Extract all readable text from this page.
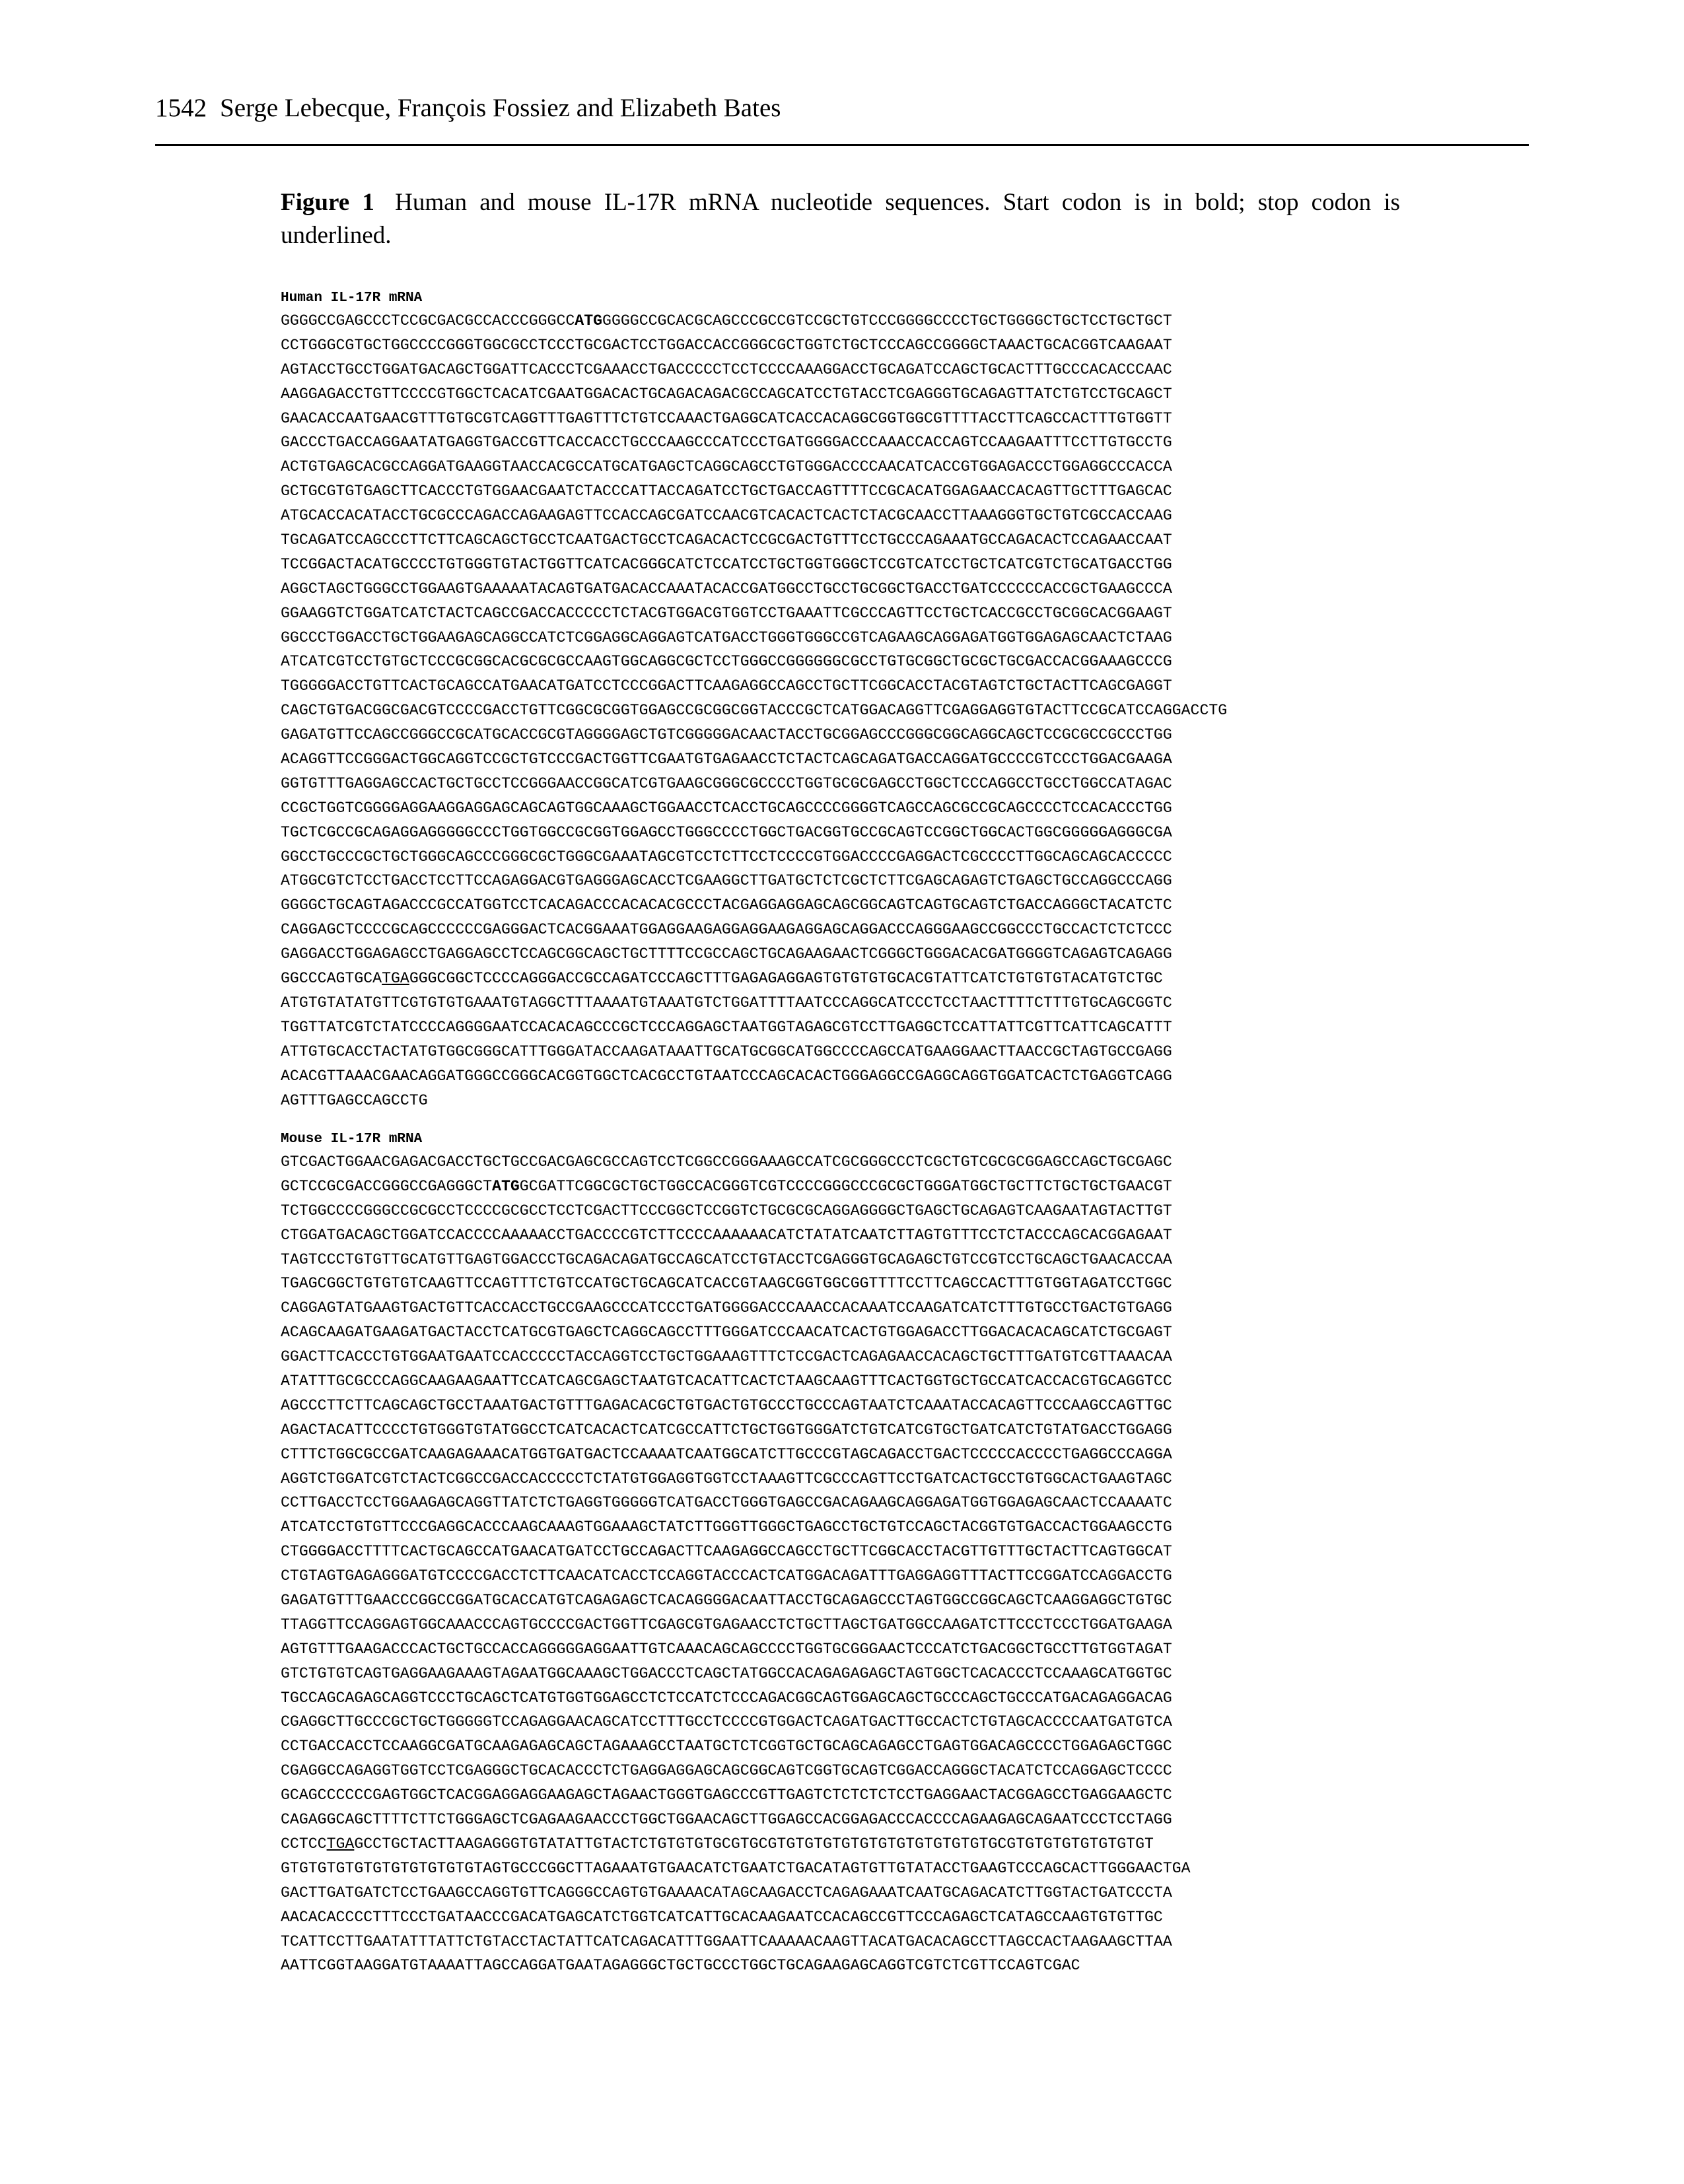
1542 Serge Lebecque, François Fossiez and Elizabeth Bates
Figure 1 Human and mouse IL-17R mRNA nucleotide sequences. Start codon is in bold; stop codon is underlined.
Human IL-17R mRNA
GGGGCCGAGCCCTCCGCGACGCCACCCGGGCCATGGGGGCCGCACGCAGCCCGCCGTCCGCTGTCCCGGGGCCCCTGCTGGGGCTGCTCCTGCTGCT
CCTGGGCGTGCTGGCCCCGGGTGGCGCCTCCCTGCGACTCCTGGACCACCGGGCGCTGGTCTGCTCCCAGCCGGGGCTAAACTGCACGGTCAAGAAT
AGTACCTGCCTGGATGACAGCTGGATTCACCCTCGAAACCTGACCCCCTCCTCCCCAAAGGACCTGCAGATCCAGCTGCACTTTGCCCACACCCAAC
AAGGAGACCTGTTCCCCGTGGCTCACATCGAATGGACACTGCAGACAGACGCCAGCATCCTGTACCTCGAGGGTGCAGAGTTATCTGTCCTGCAGCT
GAACACCAATGAACGTTTGTGCGTCAGGTTTGAGTTTCTGTCCAAACTGAGGCATCACCACAGGCGGTGGCGTTTTACCTTCAGCCACTTTGTGGTT
GACCCTGACCAGGAATATGAGGTGACCGTTCACCACCTGCCCAAGCCCATCCCTGATGGGGACCCAAACCACCAGTCCAAGAATTTCCTTGTGCCTG
ACTGTGAGCACGCCAGGATGAAGGTAACCACGCCATGCATGAGCTCAGGCAGCCTGTGGGACCCCAACATCACCGTGGAGACCCTGGAGGCCCACCA
GCTGCGTGTGAGCTTCACCCTGTGGAACGAATCTACCCATTACCAGATCCTGCTGACCAGTTTTCCGCACATGGAGAACCACAGTTGCTTTGAGCAC
ATGCACCACATACCTGCGCCCAGACCAGAAGAGTTCCACCAGCGATCCAACGTCACACTCACTCTACGCAACCTTAAAGGGTGCTGTCGCCACCAAG
TGCAGATCCAGCCCTTCTTCAGCAGCTGCCTCAATGACTGCCTCAGACACTCCGCGACTGTTTCCTGCCCAGAAATGCCAGACACTCCAGAACCAAT
TCCGGACTACATGCCCCTGTGGGTGTACTGGTTCATCACGGGCATCTCCATCCTGCTGGTGGGCTCCGTCATCCTGCTCATCGTCTGCATGACCTGG
AGGCTAGCTGGGCCTGGAAGTGAAAAATACAGTGATGACACCAAATACACCGATGGCCTGCCTGCGGCTGACCTGATCCCCCCACCGCTGAAGCCCA
GGAAGGTCTGGATCATCTACTCAGCCGACCACCCCCTCTACGTGGACGTGGTCCTGAAATTCGCCCAGTTCCTGCTCACCGCCTGCGGCACGGAAGT
GGCCCTGGACCTGCTGGAAGAGCAGGCCATCTCGGAGGCAGGAGTCATGACCTGGGTGGGCCGTCAGAAGCAGGAGATGGTGGAGAGCAACTCTAAG
ATCATCGTCCTGTGCTCCCGCGGCACGCGCGCCAAGTGGCAGGCGCTCCTGGGCCGGGGGGCGCCTGTGCGGCTGCGCTGCGACCACGGAAAGCCCG
TGGGGGACCTGTTCACTGCAGCCATGAACATGATCCTCCCGGACTTCAAGAGGCCAGCCTGCTTCGGCACCTACGTAGTCTGCTACTTCAGCGAGGT
CAGCTGTGACGGCGACGTCCCCGACCTGTTCGGCGCGGTGGAGCCGCGGCGGTACCCGCTCATGGACAGGTTCGAGGAGGTGTACTTCCGCATCCAGGACCTG
GAGATGTTCCAGCCGGGCCGCATGCACCGCGTAGGGGAGCTGTCGGGGGACAACTACCTGCGGAGCCCGGGCGGCAGGCAGCTCCGCGCCGCCCTGG
ACAGGTTCCGGGACTGGCAGGTCCGCTGTCCCGACTGGTTCGAATGTGAGAACCTCTACTCAGCAGATGACCAGGATGCCCCGTCCCTGGACGAAGA
GGTGTTTGAGGAGCCACTGCTGCCTCCGGGAACCGGCATCGTGAAGCGGGCGCCCCTGGTGCGCGAGCCTGGCTCCCAGGCCTGCCTGGCCATAGAC
CCGCTGGTCGGGGAGGAAGGAGGAGCAGCAGTGGCAAAGCTGGAACCTCACCTGCAGCCCCGGGGTCAGCCAGCGCCGCAGCCCCTCCACACCCTGG
TGCTCGCCGCAGAGGAGGGGGCCCTGGTGGCCGCGGTGGAGCCTGGGCCCCTGGCTGACGGTGCCGCAGTCCGGCTGGCACTGGCGGGGGAGGGCGA
GGCCTGCCCGCTGCTGGGCAGCCCGGGCGCTGGGCGAAATAGCGTCCTCTTCCTCCCCGTGGACCCCGAGGACTCGCCCCTTGGCAGCAGCACCCCC
ATGGCGTCTCCTGACCTCCTTCCAGAGGACGTGAGGGAGCACCTCGAAGGCTTGATGCTCTCGCTCTTCGAGCAGAGTCTGAGCTGCCAGGCCCAGG
GGGGCTGCAGTAGACCCGCCATGGTCCTCACAGACCCACACACGCCCTACGAGGAGGAGCAGCGGCAGTCAGTGCAGTCTGACCAGGGCTACATCTC
CAGGAGCTCCCCGCAGCCCCCCGAGGGACTCACGGAAATGGAGGAAGAGGAGGAAGAGGAGCAGGACCCAGGGAAGCCGGCCCTGCCACTCTCTCCC
GAGGACCTGGAGAGCCTGAGGAGCCTCCAGCGGCAGCTGCTTTTCCGCCAGCTGCAGAAGAACTCGGGCTGGGACACGATGGGGTCAGAGTCAGAGG
GGCCCAGTGCATGAGGGCGGCTCCCCAGGGACCGCCAGATCCCAGCTTTGAGAGAGGAGTGTGTGTGCACGTATTCATCTGTGTGTACATGTCTGC
ATGTGTATATGTTCGTGTGTGAAATGTAGGCTTTAAAATGTAAATGTCTGGATTTTAATCCCAGGCATCCCTCCTAACTTTTCTTTGTGCAGCGGTC
TGGTTATCGTCTATCCCCAGGGGAATCCACACAGCCCGCTCCCAGGAGCTAATGGTAGAGCGTCCTTGAGGCTCCATTATTCGTTCATTCAGCATTT
ATTGTGCACCTACTATGTGGCGGGCATTTGGGATACCAAGATAAATTGCATGCGGCATGGCCCCAGCCATGAAGGAACTTAACCGCTAGTGCCGAGG
ACACGTTAAACGAACAGGATGGGCCGGGCACGGTGGCTCACGCCTGTAATCCCAGCACACTGGGAGGCCGAGGCAGGTGGATCACTCTGAGGTCAGG
AGTTTGAGCCAGCCTG
Mouse IL-17R mRNA
GTCGACTGGAACGAGACGACCTGCTGCCGACGAGCGCCAGTCCTCGGCCGGGAAAGCCATCGCGGGCCCTCGCTGTCGCGCGGAGCCAGCTGCGAGC
GCTCCGCGACCGGGCCGAGGGCTATGGCGATTCGGCGCTGCTGGCCACGGGTCGTCCCCGGGCCCGCGCTGGGATGGCTGCTTCTGCTGCTGAACGT
TCTGGCCCCGGGCCGCGCCTCCCCGCGCCTCCTCGACTTCCCGGCTCCGGTCTGCGCGCAGGAGGGGCTGAGCTGCAGAGTCAAGAATAGTACTTGT
CTGGATGACAGCTGGATCCACCCCAAAAACCTGACCCCGTCTTCCCCAAAAAACATCTATATCAATCTTAGTGTTTCCTCTACCCAGCACGGAGAAT
TAGTCCCTGTGTTGCATGTTGAGTGGACCCTGCAGACAGATGCCAGCATCCTGTACCTCGAGGGTGCAGAGCTGTCCGTCCTGCAGCTGAACACCAA
TGAGCGGCTGTGTGTCAAGTTCCAGTTTCTGTCCATGCTGCAGCATCACCGTAAGCGGTGGCGGTTTTCCTTCAGCCACTTTGTGGTAGATCCTGGC
CAGGAGTATGAAGTGACTGTTCACCACCTGCCGAAGCCCATCCCTGATGGGGACCCAAACCACAAATCCAAGATCATCTTTGTGCCTGACTGTGAGG
ACAGCAAGATGAAGATGACTACCTCATGCGTGAGCTCAGGCAGCCTTTGGGATCCCAACATCACTGTGGAGACCTTGGACACACAGCATCTGCGAGT
GGACTTCACCCTGTGGAATGAATCCACCCCCTACCAGGTCCTGCTGGAAAGTTTCTCCGACTCAGAGAACCACAGCTGCTTTGATGTCGTTAAACAA
ATATTTGCGCCCAGGCAAGAAGAATTCCATCAGCGAGCTAATGTCACATTCACTCTAAGCAAGTTTCACTGGTGCTGCCATCACCACGTGCAGGTCC
AGCCCTTCTTCAGCAGCTGCCTAAATGACTGTTTGAGACACGCTGTGACTGTGCCCTGCCCAGTAATCTCAAATACCACAGTTCCCAAGCCAGTTGC
AGACTACATTCCCCTGTGGGTGTATGGCCTCATCACACTCATCGCCATTCTGCTGGTGGGATCTGTCATCGTGCTGATCATCTGTATGACCTGGAGG
CTTTCTGGCGCCGATCAAGAGAAACATGGTGATGACTCCAAAATCAATGGCATCTTGCCCGTAGCAGACCTGACTCCCCCACCCCTGAGGCCCAGGA
AGGTCTGGATCGTCTACTCGGCCGACCACCCCCTCTATGTGGAGGTGGTCCTAAAGTTCGCCCAGTTCCTGATCACTGCCTGTGGCACTGAAGTAGC
CCTTGACCTCCTGGAAGAGCAGGTTATCTCTGAGGTGGGGGTCATGACCTGGGTGAGCCGACAGAAGCAGGAGATGGTGGAGAGCAACTCCAAAATC
ATCATCCTGTGTTCCCGAGGCACCCAAGCAAAGTGGAAAGCTATCTTGGGTTGGGCTGAGCCTGCTGTCCAGCTACGGTGTGACCACTGGAAGCCTG
CTGGGGACCTTTTCACTGCAGCCATGAACATGATCCTGCCAGACTTCAAGAGGCCAGCCTGCTTCGGCACCTACGTTGTTTGCTACTTCAGTGGCAT
CTGTAGTGAGAGGGATGTCCCCGACCTCTTCAACATCACCTCCAGGTACCCACTCATGGACAGATTTGAGGAGGTTTACTTCCGGATCCAGGACCTG
GAGATGTTTGAACCCGGCCGGATGCACCATGTCAGAGAGCTCACAGGGGACAATTACCTGCAGAGCCCTAGTGGCCGGCAGCTCAAGGAGGCTGTGC
TTAGGTTCCAGGAGTGGCAAACCCAGTGCCCCGACTGGTTCGAGCGTGAGAACCTCTGCTTAGCTGATGGCCAAGATCTTCCCTCCCTGGATGAAGA
AGTGTTTGAAGACCCACTGCTGCCACCAGGGGGAGGAATTGTCAAACAGCAGCCCCTGGTGCGGGAACTCCCATCTGACGGCTGCCTTGTGGTAGAT
GTCTGTGTCAGTGAGGAAGAAAGTAGAATGGCAAAGCTGGACCCTCAGCTATGGCCACAGAGAGAGCTAGTGGCTCACACCCTCCAAAGCATGGTGC
TGCCAGCAGAGCAGGTCCCTGCAGCTCATGTGGTGGAGCCTCTCCATCTCCCAGACGGCAGTGGAGCAGCTGCCCAGCTGCCCATGACAGAGGACAG
CGAGGCTTGCCCGCTGCTGGGGGTCCAGAGGAACAGCATCCTTTGCCTCCCCGTGGACTCAGATGACTTGCCACTCTGTAGCACCCCAATGATGTCA
CCTGACCACCTCCAAGGCGATGCAAGAGAGCAGCTAGAAAGCCTAATGCTCTCGGTGCTGCAGCAGAGCCTGAGTGGACAGCCCCTGGAGAGCTGGC
CGAGGCCAGAGGTGGTCCTCGAGGGCTGCACACCCTCTGAGGAGGAGCAGCGGCAGTCGGTGCAGTCGGACCAGGGCTACATCTCCAGGAGCTCCCC
GCAGCCCCCCGAGTGGCTCACGGAGGAGGAAGAGCTAGAACTGGGTGAGCCCGTTGAGTCTCTCTCTCCTGAGGAACTACGGAGCCTGAGGAAGCTC
CAGAGGCAGCTTTTCTTCTGGGAGCTCGAGAAGAACCCTGGCTGGAACAGCTTGGAGCCACGGAGACCCACCCCAGAAGAGCAGAATCCCTCCTAGG
CCTCCTGAGCCTGCTACTTAAGAGGGTGTATATTGTACTCTGTGTGTGCGTGCGTGTGTGTGTGTGTGTGTGTGTGTGCGTGTGTGTGTGTGTGT
GTGTGTGTGTGTGTGTGTGTGTAGTGCCCGGCTTAGAAATGTGAACATCTGAATCTGACATAGTGTTGTATACCTGAAGTCCCAGCACTTGGGAACTGA
GACTTGATGATCTCCTGAAGCCAGGTGTTCAGGGCCAGTGTGAAAACATAGCAAGACCTCAGAGAAATCAATGCAGACATCTTGGTACTGATCCCTA
AACACACCCCTTTCCCTGATAACCCGACATGAGCATCTGGTCATCATTGCACAAGAATCCACAGCCGTTCCCAGAGCTCATAGCCAAGTGTGTTGC
TCATTCCTTGAATATTTATTCTGTACCTACTATTCATCAGACATTTGGAATTCAAAAACAAGTTACATGACACAGCCTTAGCCACTAAGAAGCTTAA
AATTCGGTAAGGATGTAAAATTAGCCAGGATGAATAGAGGGCTGCTGCCCTGGCTGCAGAAGAGCAGGTCGTCTCGTTCCAGTCGAC
